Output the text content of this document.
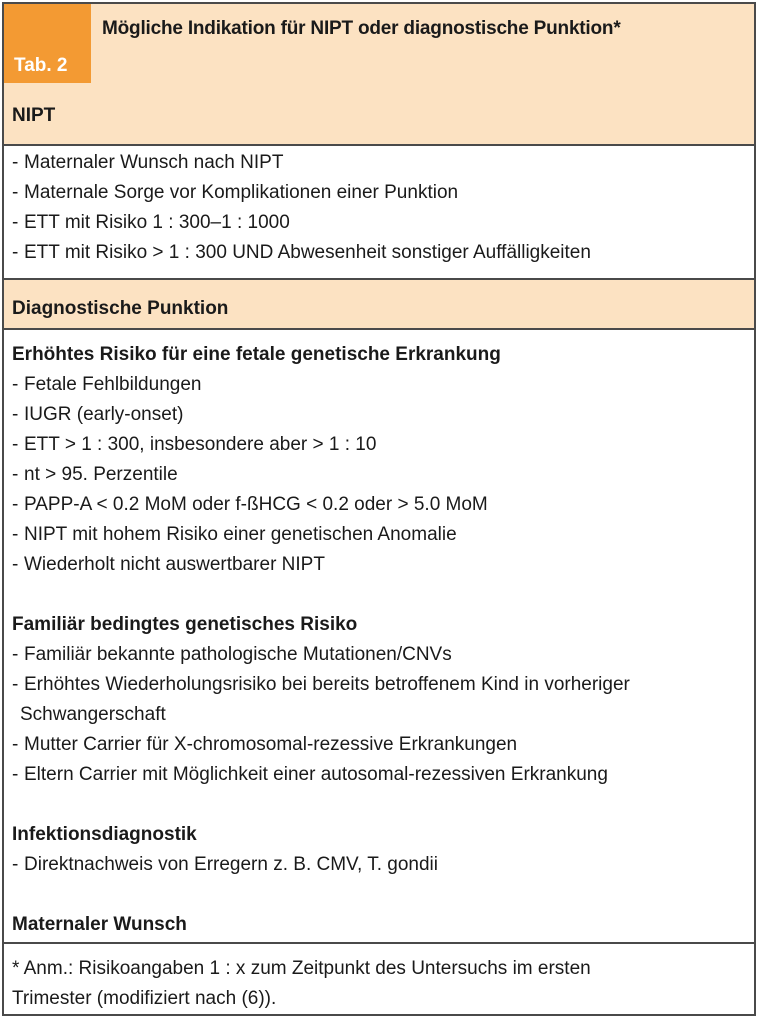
Tab. 2
Mögliche Indikation für NIPT oder diagnostische Punktion*
NIPT
- Maternaler Wunsch nach NIPT
- Maternale Sorge vor Komplikationen einer Punktion
- ETT mit Risiko 1 : 300–1 : 1000
- ETT mit Risiko > 1 : 300 UND Abwesenheit sonstiger Auffälligkeiten
Diagnostische Punktion
Erhöhtes Risiko für eine fetale genetische Erkrankung
- Fetale Fehlbildungen
- IUGR (early-onset)
- ETT > 1 : 300, insbesondere aber > 1 : 10
- nt > 95. Perzentile
- PAPP-A < 0.2 MoM oder f-ßHCG < 0.2 oder > 5.0 MoM
- NIPT mit hohem Risiko einer genetischen Anomalie
- Wiederholt nicht auswertbarer NIPT
Familiär bedingtes genetisches Risiko
- Familiär bekannte pathologische Mutationen/CNVs
- Erhöhtes Wiederholungsrisiko bei bereits betroffenem Kind in vorheriger
Schwangerschaft
- Mutter Carrier für X-chromosomal-rezessive Erkrankungen
- Eltern Carrier mit Möglichkeit einer autosomal-rezessiven Erkrankung
Infektionsdiagnostik
- Direktnachweis von Erregern z. B. CMV, T. gondii
Maternaler Wunsch
* Anm.: Risikoangaben 1 : x zum Zeitpunkt des Untersuchs im ersten
Trimester (modifiziert nach (6)).
